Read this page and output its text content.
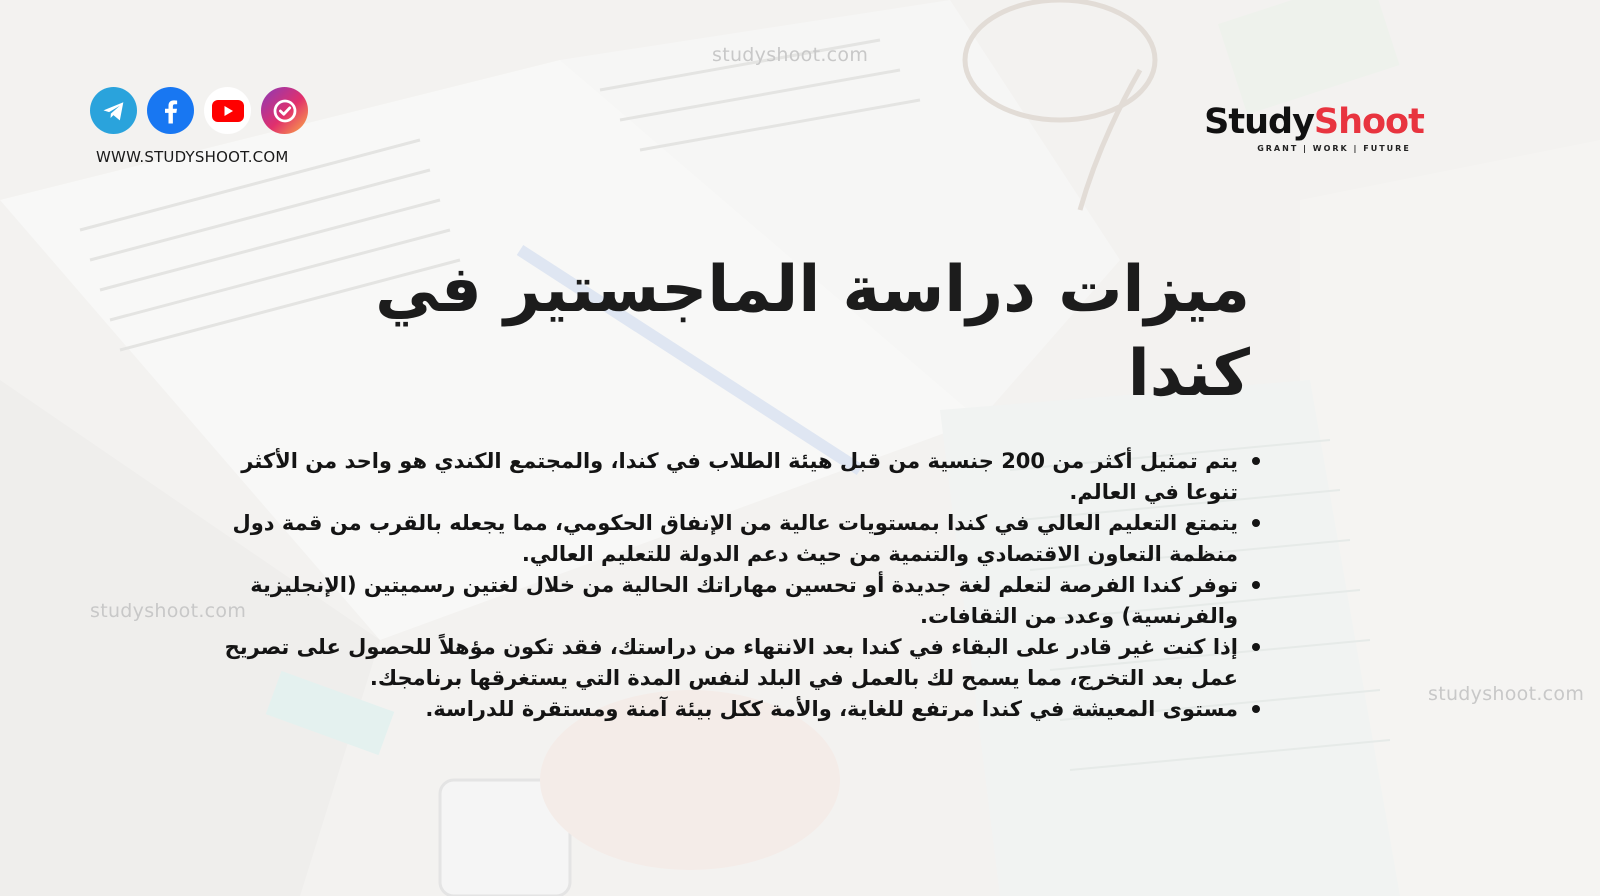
studyshoot.com
studyshoot.com
studyshoot.com
WWW.STUDYSHOOT.COM
StudyShoot
GRANT | WORK | FUTURE
ميزات دراسة الماجستير في كندا
يتم تمثيل أكثر من 200 جنسية من قبل هيئة الطلاب في كندا، والمجتمع الكندي هو واحد من الأكثر تنوعا في العالم.
يتمتع التعليم العالي في كندا بمستويات عالية من الإنفاق الحكومي، مما يجعله بالقرب من قمة دول منظمة التعاون الاقتصادي والتنمية من حيث دعم الدولة للتعليم العالي.
توفر كندا الفرصة لتعلم لغة جديدة أو تحسين مهاراتك الحالية من خلال لغتين رسميتين (الإنجليزية والفرنسية) وعدد من الثقافات.
إذا كنت غير قادر على البقاء في كندا بعد الانتهاء من دراستك، فقد تكون مؤهلاً للحصول على تصريح عمل بعد التخرج، مما يسمح لك بالعمل في البلد لنفس المدة التي يستغرقها برنامجك.
مستوى المعيشة في كندا مرتفع للغاية، والأمة ككل بيئة آمنة ومستقرة للدراسة.
